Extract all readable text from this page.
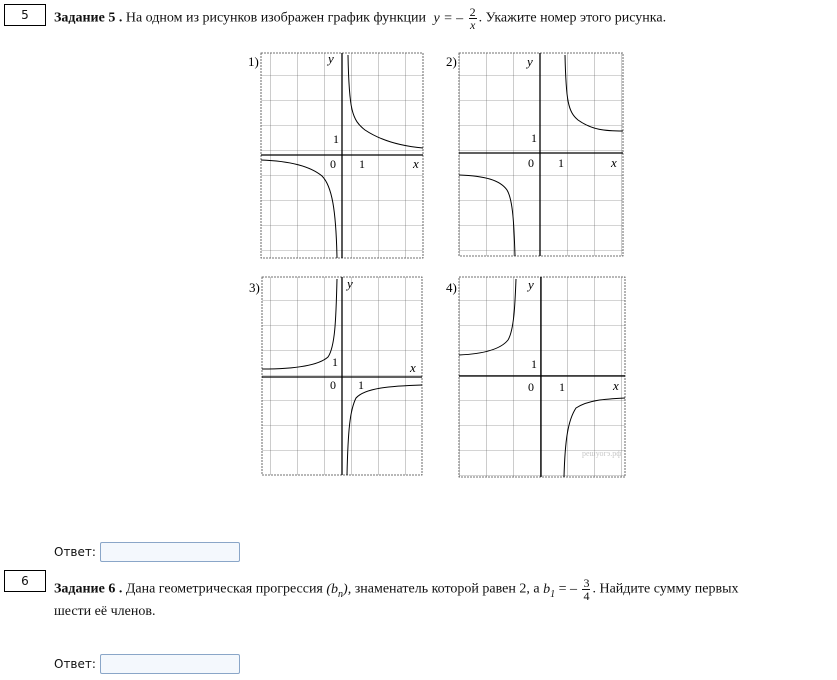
5	Задание 5 . На одном из рисунков изображен график функции y = – $\frac{2}{x}$ . Укажите номер этого рисунка.
1)	y
x
0 1
1
2)	y
x
0 1
1
3)	y
x
0 1
1
4)	y
x
0 1
1
решуогэ.рф
Ответ:
6
Задание 6 . Дана геометрическая прогрессия $(b_n)$, знаменатель которой равен 2, а $b_1$ = – $\frac{3}{4}$ . Найдите сумму первых
шести её членов.
Ответ:
